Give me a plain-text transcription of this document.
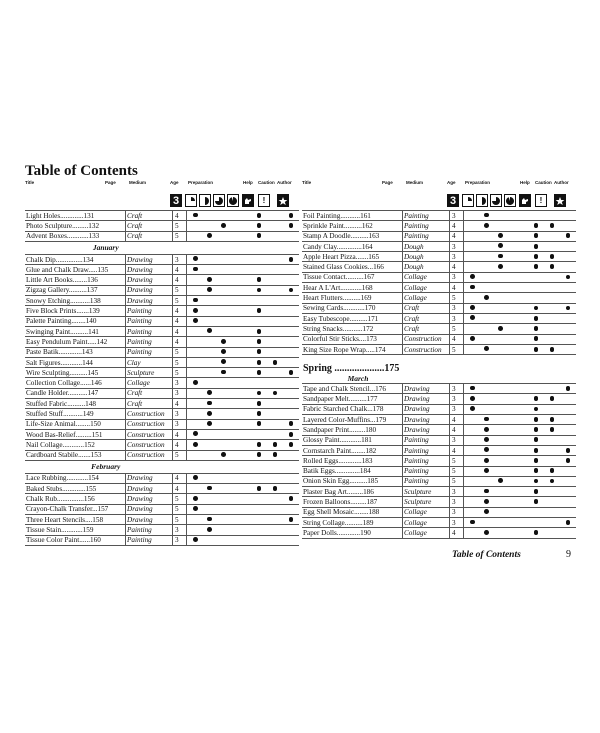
Table of Contents
Title	Page	Medium	Age Preparation	Help Caution Author
3	!
Light Holes.............131	Craft	4	

Photo Sculpture.........132	Craft	5	

Advent Boxes............133	Craft	5	

January						
Chalk Dip...............134	Drawing	3	

Glue and Chalk Draw.....135	Drawing	4	

Little Art Books........136	Drawing	4	

Zigzag Gallery..........137	Drawing	5	

Snowy Etching...........138	Drawing	5	

Five Block Prints.......139	Painting	4	

Palette Painting........140	Painting	4	

Swinging Paint..........141	Painting	4	

Easy Pendulum Paint.....142	Painting	4	

Paste Batik.............143	Painting	5	

Salt Figures............144	Clay	5	

Wire Sculpting..........145	Sculpture	5	

Collection Collage......146	Collage	3	

Candle Holder...........147	Craft	3	

Stuffed Fabric..........148	Craft	4	

Stuffed Stuff...........149	Construction	3	

Life-Size Animal........150	Construction	3	

Wood Bas-Relief.........151	Construction	4	

Nail Collage............152	Construction	4	

Cardboard Stabile.......153	Construction	5	

February						
Lace Rubbing............154	Drawing	4	

Baked Stubs.............155	Drawing	4	

Chalk Rub...............156	Drawing	5	

Crayon-Chalk Transfer...157	Drawing	5	

Three Heart Stencils....158	Drawing	5	

Tissue Stain............159	Painting	3	

Tissue Color Paint......160	Painting	3	

Title	Page	Medium	Age Preparation	Help Caution Author
3	!
Foil Painting...........161	Painting	3	

Sprinkle Paint..........162	Painting	4	

Stamp A Doodle..........163	Painting	4	

Candy Clay..............164	Dough	3	

Apple Heart Pizza.......165	Dough	3	

Stained Glass Cookies...166	Dough	4	

Tissue Contact..........167	Collage	3	

Hear A L'Art............168	Collage	4	

Heart Flutters..........169	Collage	5	

Sewing Cards............170	Craft	3	

Easy Tubescope..........171	Craft	3	

String Snacks...........172	Craft	5	

Colorful Stir Sticks....173	Construction	4	

King Size Rope Wrap.....174	Construction	5	

Spring ....................175
March						

Tape and Chalk Stencil...176	Drawing	3	

Sandpaper Melt..........177	Drawing	3	

Fabric Starched Chalk...178	Drawing	3	

Layered Color-Muffins...179	Drawing	4	

Sandpaper Print.........180	Drawing	4	

Glossy Paint............181	Painting	3	

Cornstarch Paint........182	Painting	4	

Rolled Eggs.............183	Painting	5	

Batik Eggs..............184	Painting	5	

Onion Skin Egg..........185	Painting	5	

Plaster Bag Art.........186	Sculpture	3	

Frozen Balloons.........187	Sculpture	3	

Egg Shell Mosaic........188	Collage	3	

String Collage..........189	Collage	3	

Paper Dolls.............190	Collage	4	

Table of Contents	9
